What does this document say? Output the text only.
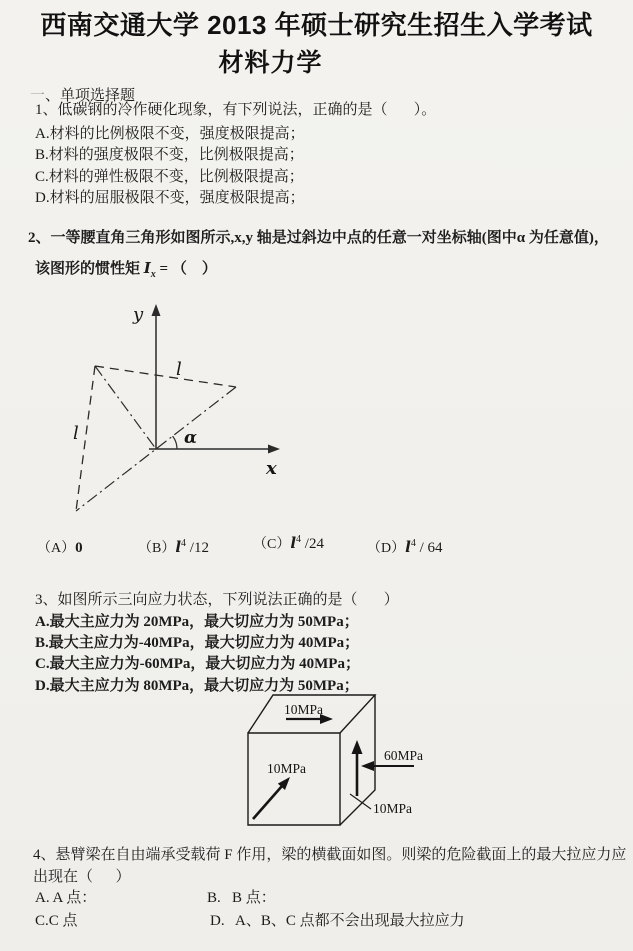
西南交通大学 2013 年硕士研究生招生入学考试
材料力学
一、单项选择题
1、低碳钢的冷作硬化现象，有下列说法，正确的是（       ）。
A.材料的比例极限不变，强度极限提高；
B.材料的强度极限不变，比例极限提高；
C.材料的弹性极限不变，比例极限提高；
D.材料的屈服极限不变，强度极限提高；
2、一等腰直角三角形如图所示,x,y 轴是过斜边中点的任意一对坐标轴(图中α 为任意值)，
该图形的惯性矩 $I_x$ = （    ）
y
x
l
l	α
（A）0	$(B)l^4$ /12	$(C)l^4$ /24	$(D)l^4 / 64$
3、如图所示三向应力状态，下列说法正确的是（       ）
A.最大主应力为 20MPa，最大切应力为 50MPa；
B.最大主应力为-40MPa，最大切应力为 40MPa；
C.最大主应力为-60MPa，最大切应力为 40MPa；
D.最大主应力为 80MPa，最大切应力为 50MPa；
10MPa
10MPa
60MPa
10MPa
4、悬臂梁在自由端承受载荷 F 作用，梁的横截面如图。则梁的危险截面上的最大拉应力应
出现在（      ）
A. A 点：	B.   B 点：
C.C 点	D.   A、B、C 点都不会出现最大拉应力
